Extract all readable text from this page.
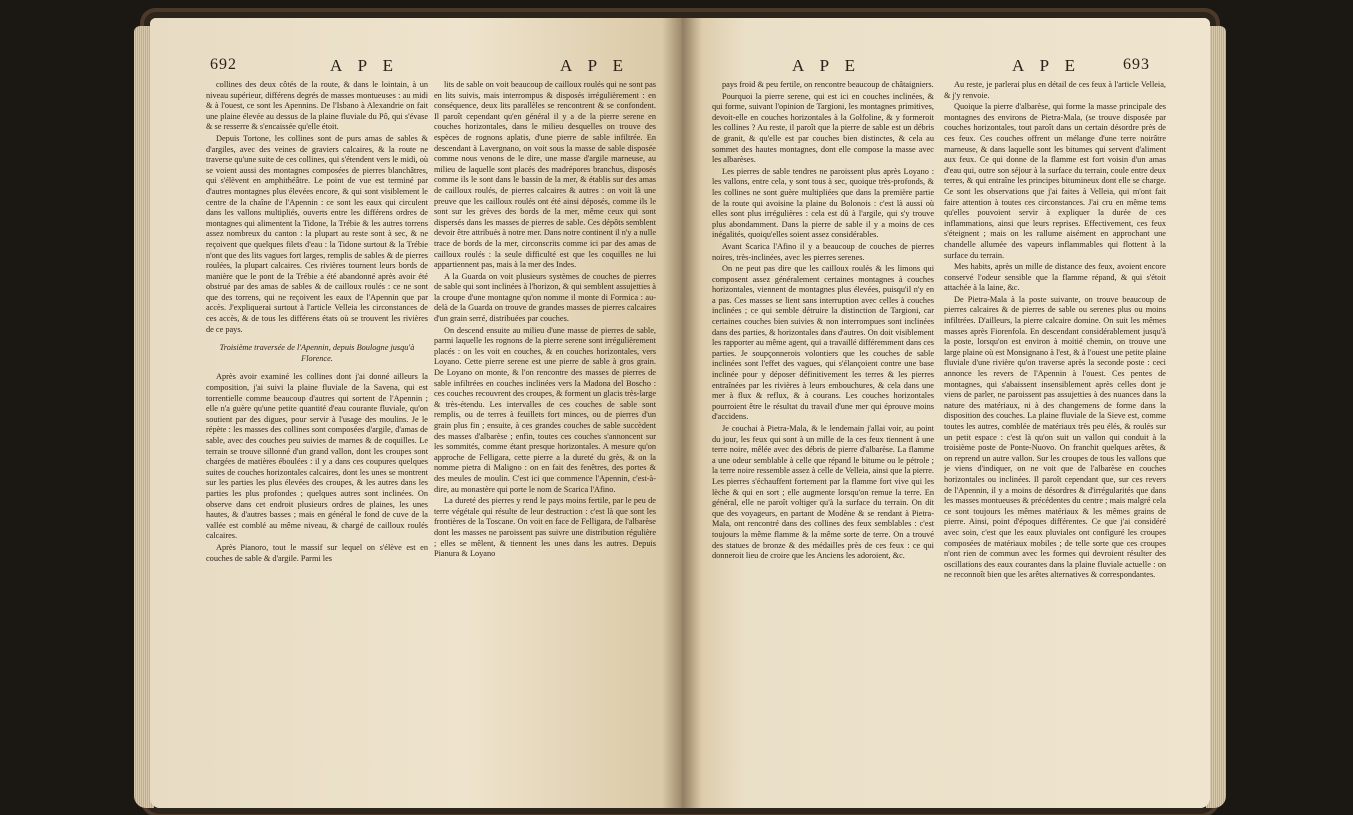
692	A P E	A P E

collines des deux côtés de la route, & dans le lointain, à un niveau supérieur, différens degrés de masses montueuses : au midi & à l'ouest, ce sont les Apennins. De l'Isbano à Alexandrie on fait une plaine élevée au dessus de la plaine fluviale du Pô, qui s'évase & se resserre & s'encaissée qu'elle étoit.

Depuis Tortone, les collines sont de purs amas de sables & d'argiles, avec des veines de graviers calcaires, & la route ne traverse qu'une suite de ces collines, qui s'étendent vers le midi, où se voient aussi des montagnes composées de pierres blanchâtres, qui s'élèvent en amphithéâtre. Le point de vue est terminé par d'autres montagnes plus élevées encore, & qui sont visiblement le centre de la chaîne de l'Apennin : ce sont les eaux qui circulent dans les vallons multipliés, ouverts entre les différens ordres de montagnes qui alimentent la Tidone, la Trébie & les autres torrens assez nombreux du canton : la plupart au reste sont à sec, & ne reçoivent que quelques filets d'eau : la Tidone surtout & la Trébie n'ont que des lits vagues fort larges, remplis de sables & de pierres roulées, la plupart calcaires. Ces rivières tournent leurs bords de manière que le pont de la Trébie a été abandonné après avoir été obstrué par des amas de sables & de cailloux roulés : ce ne sont que des torrens, qui ne reçoivent les eaux de l'Apennin que par accès. J'expliquerai surtout à l'article Velleia les circonstances de ces accès, & de tous les différens états où se trouvent les rivières de ce pays.

Troisième traversée de l'Apennin, depuis Boulogne jusqu'à Florence.

Après avoir examiné les collines dont j'ai donné ailleurs la composition, j'ai suivi la plaine fluviale de la Savena, qui est torrentielle comme beaucoup d'autres qui sortent de l'Apennin ; elle n'a guère qu'une petite quantité d'eau courante fluviale, qu'on soutient par des digues, pour servir à l'usage des moulins. Je le répète : les masses des collines sont composées d'argile, d'amas de sable, avec des couches peu suivies de marnes & de coquilles. Le terrain se trouve sillonné d'un grand vallon, dont les croupes sont chargées de matières éboulées : il y a dans ces coupures quelques suites de couches horizontales calcaires, dont les unes se montrent sur les parties les plus élevées des croupes, & les autres dans les parties les plus profondes ; quelques autres sont inclinées. On observe dans cet endroit plusieurs ordres de plaines, les unes hautes, & d'autres basses ; mais en général le fond de cuve de la vallée est comblé au même niveau, & chargé de cailloux roulés calcaires.

Après Pianoro, tout le massif sur lequel on s'élève est en couches de sable & d'argile. Parmi les

lits de sable on voit beaucoup de cailloux roulés qui ne sont pas en lits suivis, mais interrompus & disposés irrégulièrement : en conséquence, deux lits parallèles se rencontrent & se confondent. Il paroît cependant qu'en général il y a de la pierre serene en couches horizontales, dans le milieu desquelles on trouve des espèces de rognons aplatis, d'une pierre de sable infiltrée. En descendant à Lavergnano, on voit sous la masse de sable disposée comme nous venons de le dire, une masse d'argile marneuse, au milieu de laquelle sont placés des madrépores branchus, disposés comme ils le sont dans le bassin de la mer, & établis sur des amas de cailloux roulés, de pierres calcaires & autres : on voit là une preuve que les cailloux roulés ont été ainsi déposés, comme ils le sont sur les grèves des bords de la mer, même ceux qui sont dispersés dans les masses de pierres de sable. Ces dépôts semblent devoir être attribués à notre mer. Dans notre continent il n'y a nulle trace de bords de la mer, circonscrits comme ici par des amas de cailloux roulés : la seule difficulté est que les coquilles ne lui appartiennent pas, mais à la mer des Indes.

A la Guarda on voit plusieurs systèmes de couches de pierres de sable qui sont inclinées à l'horizon, & qui semblent assujetties à la croupe d'une montagne qu'on nomme il monte di Formica : au-delà de la Guarda on trouve de grandes masses de pierres calcaires d'un grain serré, distribuées par couches.

On descend ensuite au milieu d'une masse de pierres de sable, parmi laquelle les rognons de la pierre serene sont irrégulièrement placés : on les voit en couches, & en couches horizontales, vers Loyano. Cette pierre serene est une pierre de sable à gros grain. De Loyano on monte, & l'on rencontre des masses de pierres de sable infiltrées en couches inclinées vers la Madona del Boscho : ces couches recouvrent des croupes, & forment un glacis très-large & très-étendu. Les intervalles de ces couches de sable sont remplis, ou de terres à feuillets fort minces, ou de pierres d'un grain plus fin ; ensuite, à ces grandes couches de sable succèdent des masses d'albarèse ; enfin, toutes ces couches s'annoncent sur les sommités, comme étant presque horizontales. A mesure qu'on approche de Felligara, cette pierre a la dureté du grès, & on la nomme pietra di Maligno : on en fait des fenêtres, des portes & des meules de moulin. C'est ici que commence l'Apennin, c'est-à-dire, au monastère qui porte le nom de Scarica l'Afino.

La dureté des pierres y rend le pays moins fertile, par le peu de terre végétale qui résulte de leur destruction : c'est là que sont les frontières de la Toscane. On voit en face de Felligara, de l'albarèse dont les masses ne paroissent pas suivre une distribution régulière ; elles se mêlent, & tiennent les unes dans les autres. Depuis Pianura & Loyano

A P E	A P E	693

pays froid & peu fertile, on rencontre beaucoup de châtaigniers.

Pourquoi la pierre serene, qui est ici en couches inclinées, & qui forme, suivant l'opinion de Targioni, les montagnes primitives, devoit-elle en couches horizontales à la Golfoline, & y formeroit les collines ? Au reste, il paroît que la pierre de sable est un débris de granit, & qu'elle est par couches bien distinctes, & cela au sommet des hautes montagnes, dont elle compose la masse avec les albarèses.

Les pierres de sable tendres ne paroissent plus après Loyano : les vallons, entre cela, y sont tous à sec, quoique très-profonds, & les collines ne sont guère multipliées que dans la première partie de la route qui avoisine la plaine du Bolonois : c'est là aussi où elles sont plus irrégulières : cela est dû à l'argile, qui s'y trouve plus abondamment. Dans la pierre de sable il y a moins de ces inégalités, quoiqu'elles soient assez considérables.

Avant Scarica l'Afino il y a beaucoup de couches de pierres noires, très-inclinées, avec les pierres serenes.

On ne peut pas dire que les cailloux roulés & les limons qui composent assez généralement certaines montagnes à couches horizontales, viennent de montagnes plus élevées, puisqu'il n'y en a pas. Ces masses se lient sans interruption avec celles à couches inclinées ; ce qui semble détruire la distinction de Targioni, car certaines couches bien suivies & non interrompues sont inclinées dans des parties, & horizontales dans d'autres. On doit visiblement les rapporter au même agent, qui a travaillé différemment dans ces parties. Je soupçonnerois volontiers que les couches de sable inclinées sont l'effet des vagues, qui s'élançoient contre une base inclinée pour y déposer définitivement les terres & les pierres entraînées par les rivières à leurs embouchures, & cela dans une mer à flux & reflux, & à courans. Les couches horizontales pourroient être le résultat du travail d'une mer qui éprouve moins d'accidens.

Je couchai à Pietra-Mala, & le lendemain j'allai voir, au point du jour, les feux qui sont à un mille de la ces feux tiennent à une terre noire, mêlée avec des débris de pierre d'albarèse. La flamme a une odeur semblable à celle que répand le bitume ou le pétrole ; la terre noire ressemble assez à celle de Velleia, ainsi que la pierre. Les pierres s'échauffent fortement par la flamme fort vive qui les lèche & qui en sort ; elle augmente lorsqu'on remue la terre. En général, elle ne paroît voltiger qu'à la surface du terrain. On dit que des voyageurs, en partant de Modène & se rendant à Pietra-Mala, ont rencontré dans des collines des feux semblables : c'est toujours la même flamme & la même sorte de terre. On a trouvé des statues de bronze & des médailles près de ces feux : ce qui donneroit lieu de croire que les Anciens les adoroient, &c.

Au reste, je parlerai plus en détail de ces feux à l'article Velleia, & j'y renvoie.

Quoique la pierre d'albarèse, qui forme la masse principale des montagnes des environs de Pietra-Mala, (se trouve disposée par couches horizontales, tout paroît dans un certain désordre près de ces feux. Ces couches offrent un mélange d'une terre noirâtre marneuse, & dans laquelle sont les bitumes qui servent d'aliment aux feux. Ce qui donne de la flamme est fort voisin d'un amas d'eau qui, outre son séjour à la surface du terrain, coule entre deux terres, & qui entraîne les principes bitumineux dont elle se charge. Ce sont les observations que j'ai faites à Velleia, qui m'ont fait faire attention à toutes ces circonstances. J'ai cru en même tems qu'elles pouvoient servir à expliquer la durée de ces inflammations, ainsi que leurs reprises. Effectivement, ces feux s'éteignent ; mais on les rallume aisément en approchant une chandelle allumée des vapeurs inflammables qui flottent à la surface du terrain.

Mes habits, après un mille de distance des feux, avoient encore conservé l'odeur sensible que la flamme répand, & qui s'étoit attachée à la laine, &c.

De Pietra-Mala à la poste suivante, on trouve beaucoup de pierres calcaires & de pierres de sable ou serenes plus ou moins infiltrées. D'ailleurs, la pierre calcaire domine. On suit les mêmes masses après Fiorenfola. En descendant considérablement jusqu'à la poste, lorsqu'on est environ à moitié chemin, on trouve une large plaine où est Monsignano à l'est, & à l'ouest une petite plaine fluviale d'une rivière qu'on traverse après la seconde poste : ceci annonce les revers de l'Apennin à l'ouest. Ces pentes de montagnes, qui s'abaissent insensiblement après celles dont je viens de parler, ne paroissent pas assujetties à des nuances dans la nature des matériaux, ni à des changemens de forme dans la disposition des couches. La plaine fluviale de la Sieve est, comme toutes les autres, comblée de matériaux très peu élés, & roulés sur un petit espace : c'est là qu'on suit un vallon qui conduit à la troisième poste de Ponte-Nuovo. On franchit quelques arêtes, & on reprend un autre vallon. Sur les croupes de tous les vallons que je viens d'indiquer, on ne voit que de l'albarèse en couches horizontales ou inclinées. Il paroît cependant que, sur ces revers de l'Apennin, il y a moins de désordres & d'irrégularités que dans les masses montueuses & précédentes du centre ; mais malgré cela ce sont toujours les mêmes matériaux & les mêmes grains de pierre. Ainsi, point d'époques différentes. Ce que j'ai considéré avec soin, c'est que les eaux pluviales ont configuré les croupes composées de matériaux mobiles ; de telle sorte que ces croupes n'ont rien de commun avec les formes qui devroient résulter des oscillations des eaux courantes dans la plaine fluviale actuelle : on ne reconnoît bien que les arêtes alternatives & correspondantes.
